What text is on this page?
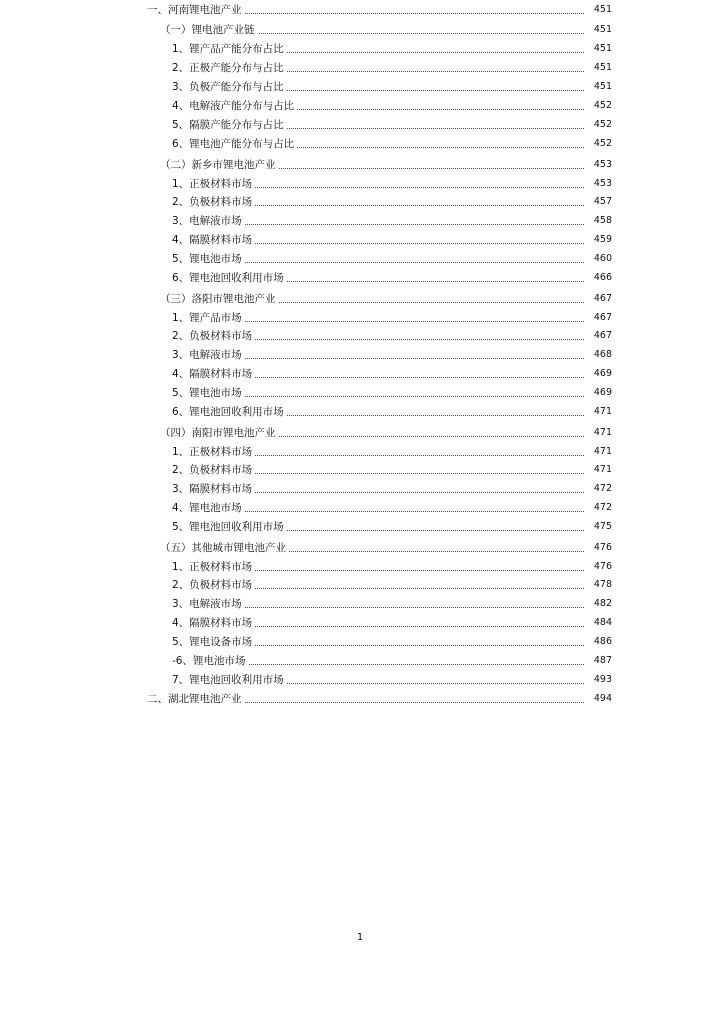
一、河南锂电池产业	451
（一）锂电池产业链	451
1、锂产品产能分布占比	451
2、正极产能分布与占比	451
3、负极产能分布与占比	451
4、电解液产能分布与占比	452
5、隔膜产能分布与占比	452
6、锂电池产能分布与占比	452
（二）新乡市锂电池产业	453
1、正极材料市场	453
2、负极材料市场	457
3、电解液市场	458
4、隔膜材料市场	459
5、锂电池市场	460
6、锂电池回收利用市场	466
（三）洛阳市锂电池产业	467
1、锂产品市场	467
2、负极材料市场	467
3、电解液市场	468
4、隔膜材料市场	469
5、锂电池市场	469
6、锂电池回收利用市场	471
（四）南阳市锂电池产业	471
1、正极材料市场	471
2、负极材料市场	471
3、隔膜材料市场	472
4、锂电池市场	472
5、锂电池回收利用市场	475
（五）其他城市锂电池产业	476
1、正极材料市场	476
2、负极材料市场	478
3、电解液市场	482
4、隔膜材料市场	484
5、锂电设备市场	486
-6、锂电池市场	487
7、锂电池回收利用市场	493
二、湖北锂电池产业	494
1
